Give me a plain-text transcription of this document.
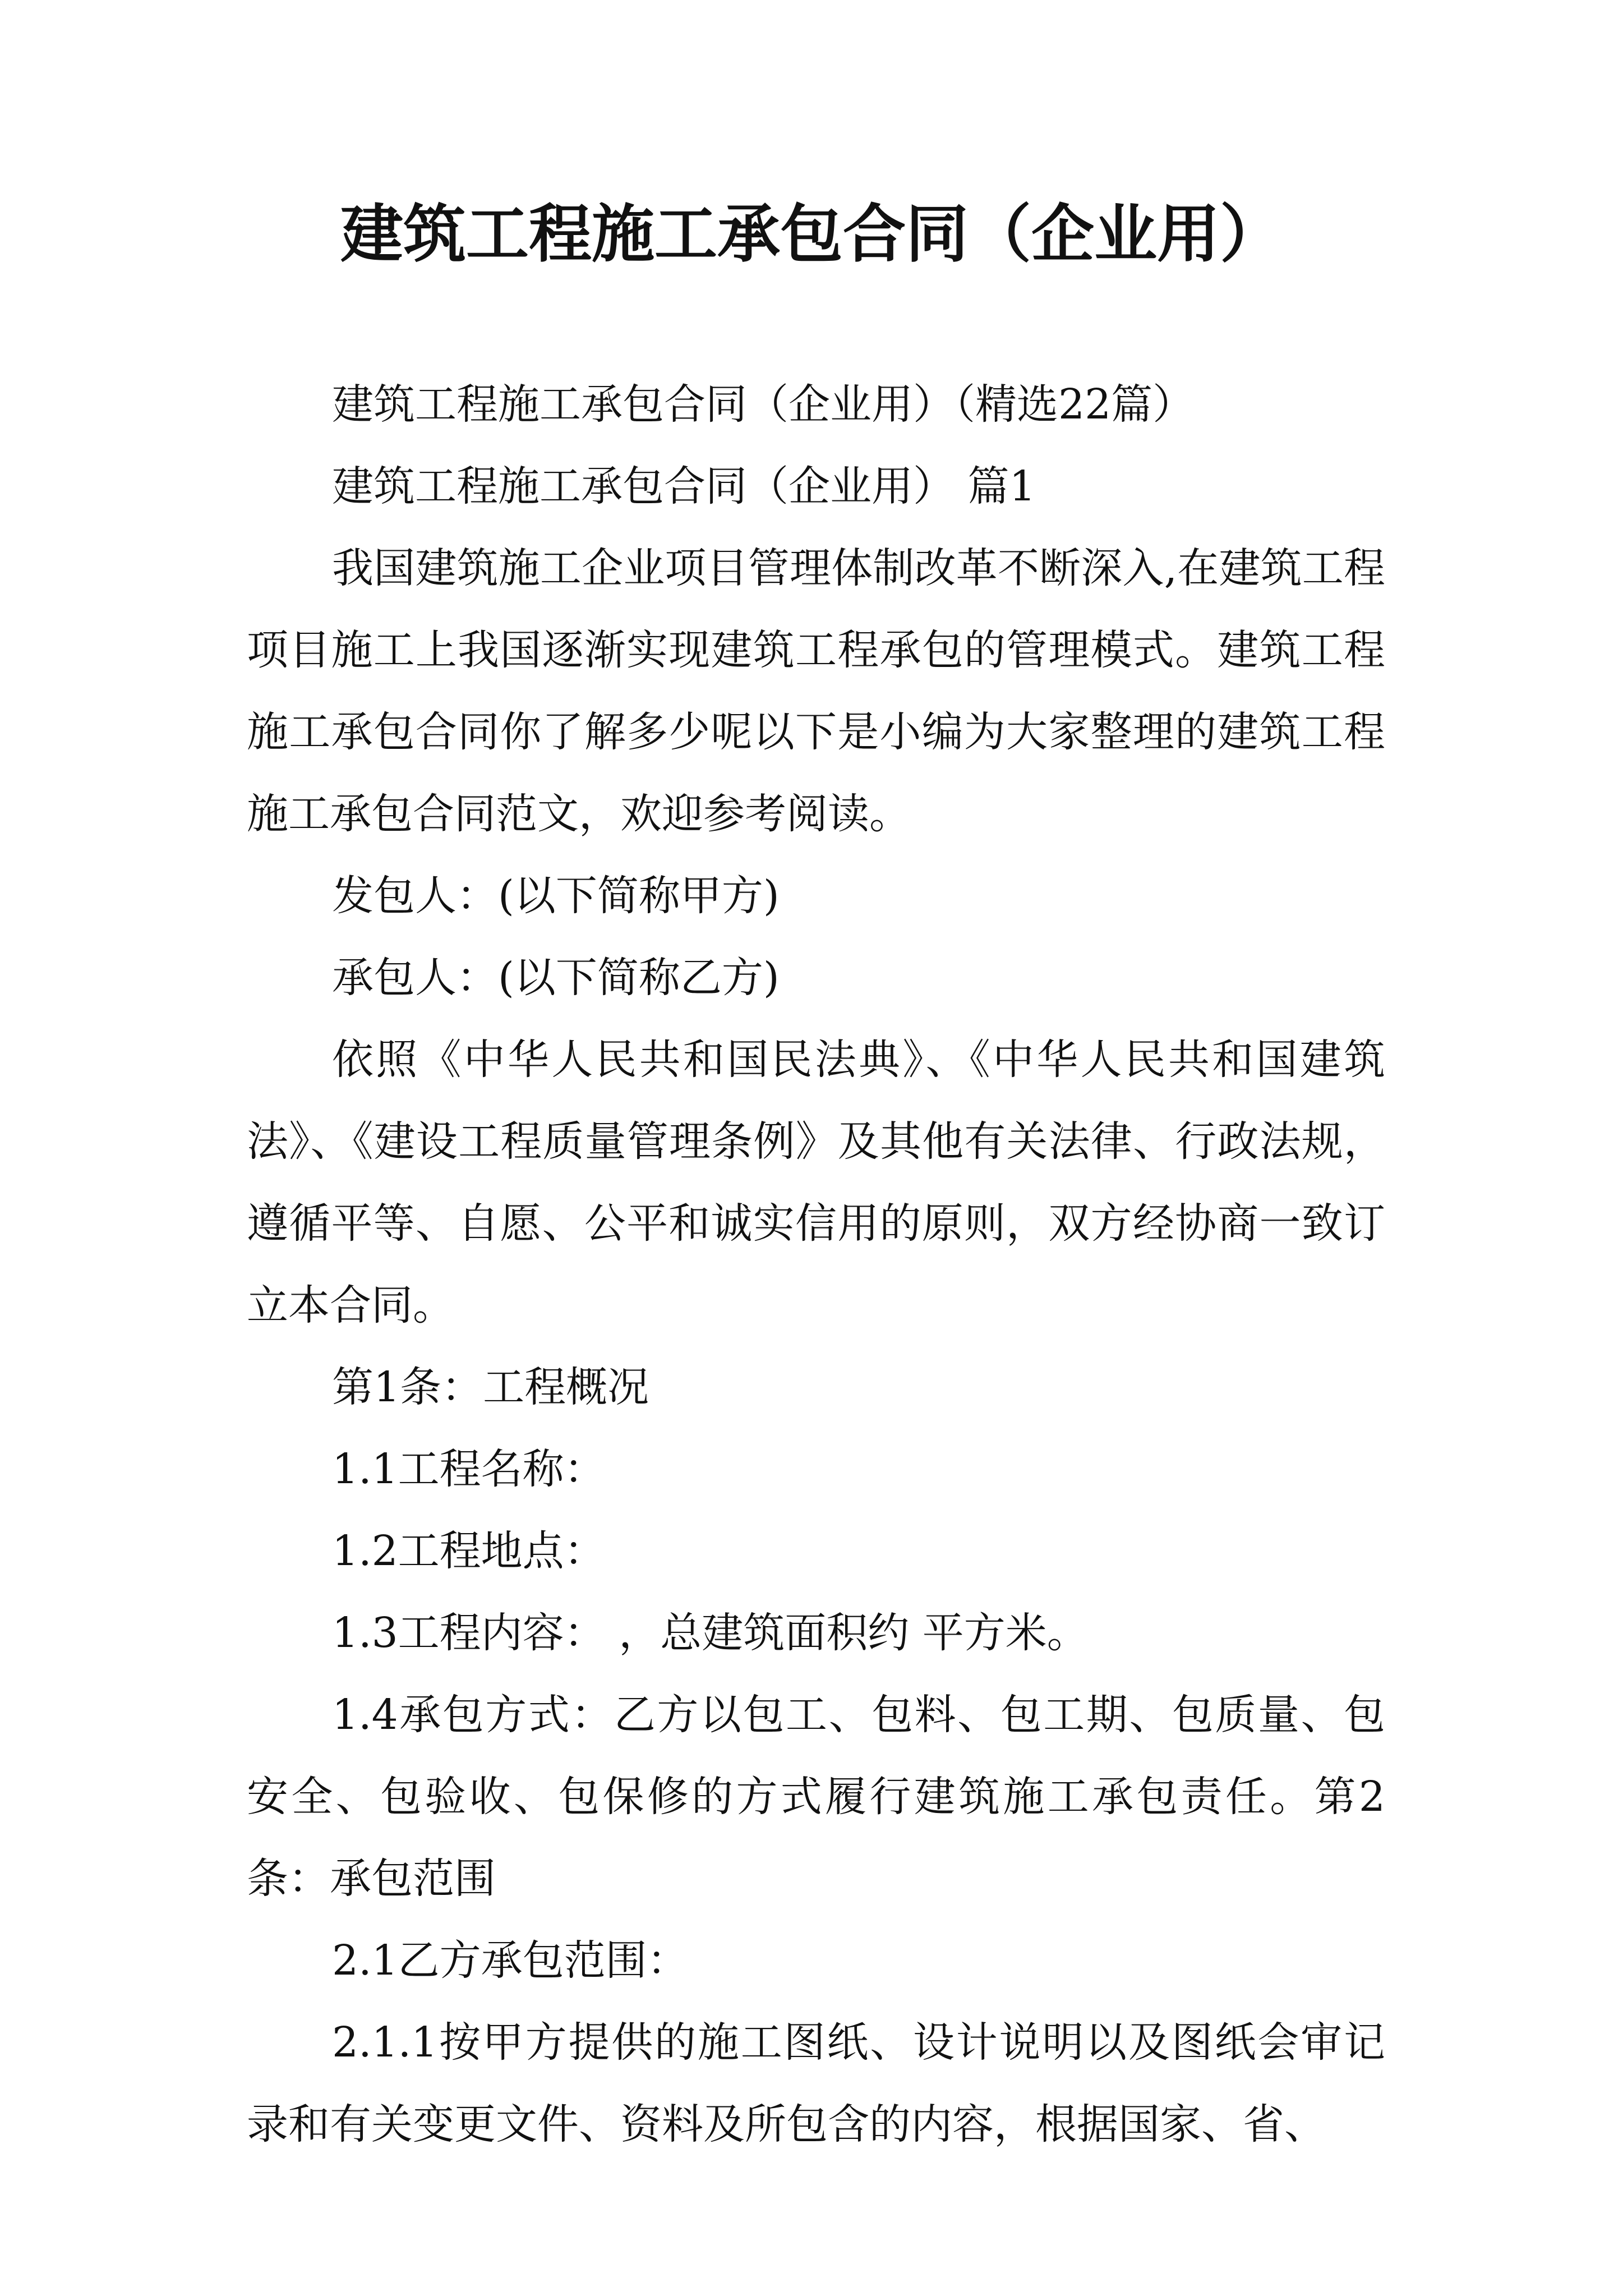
建筑工程施工承包合同（企业用）

建筑工程施工承包合同（企业用）（精选22篇）

建筑工程施工承包合同（企业用） 篇1

我国建筑施工企业项目管理体制改革不断深入,在建筑工程项目施工上我国逐渐实现建筑工程承包的管理模式。建筑工程施工承包合同你了解多少呢以下是小编为大家整理的建筑工程施工承包合同范文，欢迎参考阅读。

发包人：(以下简称甲方)

承包人：(以下简称乙方)

依照《中华人民共和国民法典》、《中华人民共和国建筑法》、《建设工程质量管理条例》及其他有关法律、行政法规，遵循平等、自愿、公平和诚实信用的原则，双方经协商一致订立本合同。

第1条：工程概况

1.1工程名称：

1.2工程地点：

1.3工程内容： ，总建筑面积约 平方米。

1.4承包方式：乙方以包工、包料、包工期、包质量、包安全、包验收、包保修的方式履行建筑施工承包责任。第2条：承包范围

2.1乙方承包范围：

2.1.1按甲方提供的施工图纸、设计说明以及图纸会审记录和有关变更文件、资料及所包含的内容，根据国家、省、
